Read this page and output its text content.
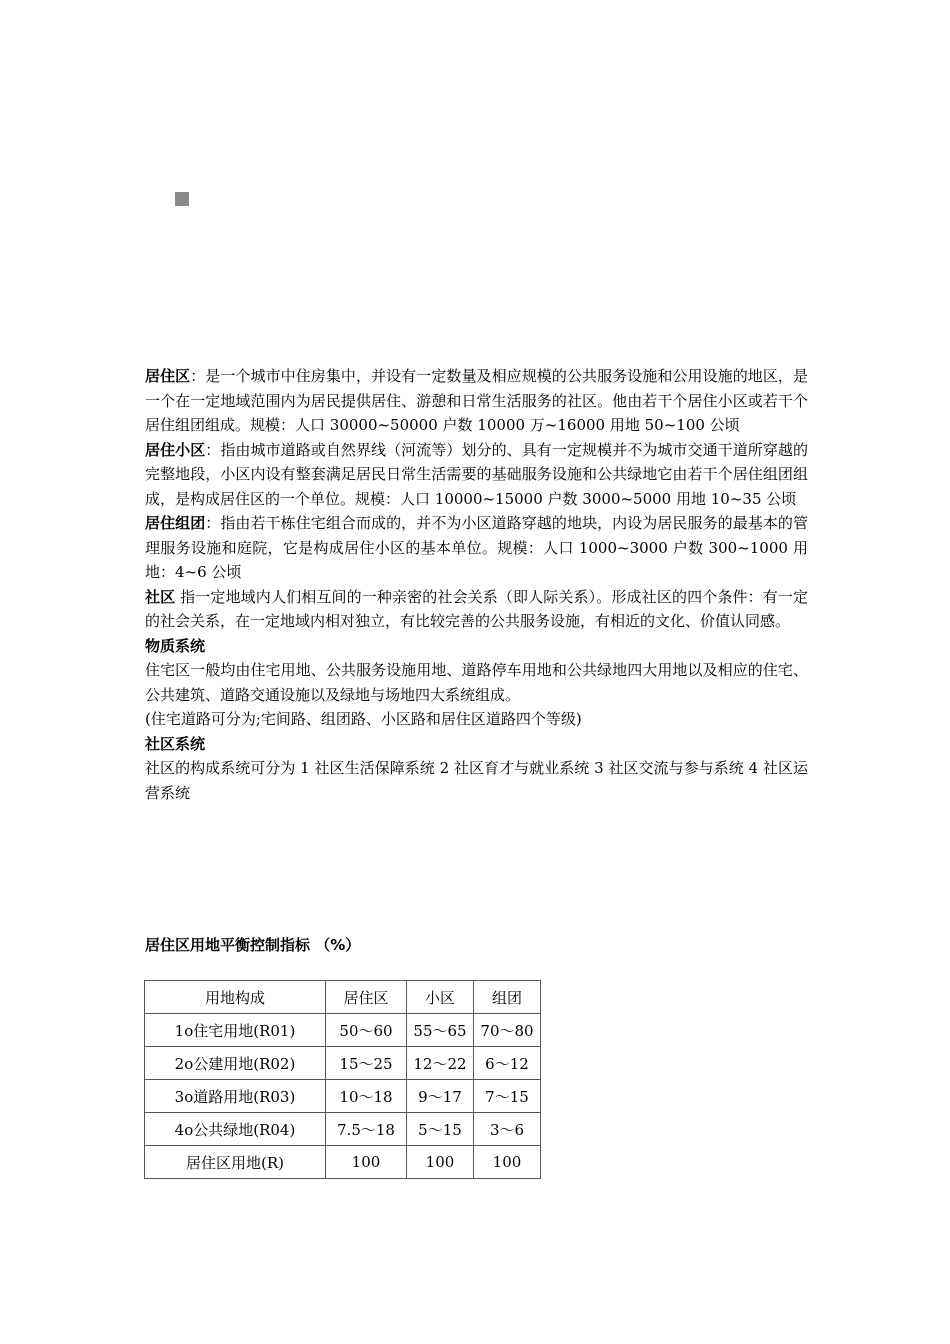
居住区：是一个城市中住房集中，并设有一定数量及相应规模的公共服务设施和公用设施的地区，是一个在一定地域范围内为居民提供居住、游憩和日常生活服务的社区。他由若干个居住小区或若干个居住组团组成。规模：人口 30000~50000 户数 10000 万~16000 用地 50~100 公顷

居住小区：指由城市道路或自然界线（河流等）划分的、具有一定规模并不为城市交通干道所穿越的完整地段，小区内设有整套满足居民日常生活需要的基础服务设施和公共绿地它由若干个居住组团组成，是构成居住区的一个单位。规模：人口 10000~15000 户数 3000~5000 用地 10~35 公顷

居住组团：指由若干栋住宅组合而成的，并不为小区道路穿越的地块，内设为居民服务的最基本的管理服务设施和庭院，它是构成居住小区的基本单位。规模：人口 1000~3000 户数 300~1000 用地：4~6 公顷

社区 指一定地域内人们相互间的一种亲密的社会关系（即人际关系）。形成社区的四个条件：有一定的社会关系，在一定地域内相对独立，有比较完善的公共服务设施，有相近的文化、价值认同感。

物质系统

住宅区一般均由住宅用地、公共服务设施用地、道路停车用地和公共绿地四大用地以及相应的住宅、公共建筑、道路交通设施以及绿地与场地四大系统组成。

(住宅道路可分为;宅间路、组团路、小区路和居住区道路四个等级)

社区系统

社区的构成系统可分为 1 社区生活保障系统 2 社区育才与就业系统 3 社区交流与参与系统 4 社区运营系统

居住区用地平衡控制指标 （%）
用地构成	居住区	小区	组团
1ο住宅用地(R01)	50～60	55～65	70～80
2ο公建用地(R02)	15～25	12～22	6～12
3ο道路用地(R03)	10～18	9～17	7～15
4ο公共绿地(R04)	7.5～18	5～15	3～6
居住区用地(R)	100	100	100
